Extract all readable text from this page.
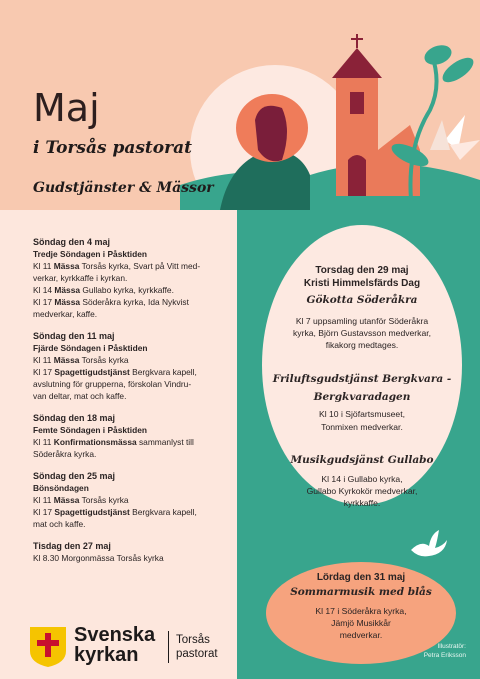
Maj
i Torsås pastorat
Gudstjänster & Mässor
Söndag den 4 maj
Tredje Söndagen i Påsktiden
Kl 11 Mässa Torsås kyrka, Svart på Vitt med-
verkar, kyrkkaffe i kyrkan.
Kl 14 Mässa Gullabo kyrka, kyrkkaffe.
Kl 17 Mässa Söderåkra kyrka, Ida Nykvist
medverkar, kaffe.
Söndag den 11 maj
Fjärde Söndagen i Påsktiden
Kl 11 Mässa Torsås kyrka
Kl 17 Spagettigudstjänst Bergkvara kapell,
avslutning för grupperna, förskolan Vindru-
van deltar, mat och kaffe.
Söndag den 18 maj
Femte Söndagen i Påsktiden
Kl 11 Konfirmationsmässa sammanlyst till
Söderåkra kyrka.
Söndag den 25 maj
Bönsöndagen
Kl 11 Mässa Torsås kyrka
Kl 17 Spagettigudstjänst Bergkvara kapell,
mat och kaffe.
Tisdag den 27 maj
Kl 8.30 Morgonmässa Torsås kyrka
Torsdag den 29 maj
Kristi Himmelsfärds Dag
Gökotta Söderåkra
Kl 7 uppsamling utanför Söderåkra
kyrka, Björn Gustavsson medverkar,
fikakorg medtages.
Friluftsgudstjänst Bergkvara -
Bergkvaradagen
Kl 10 i Sjöfartsmuseet,
Tonmixen medverkar.
Musikgudsjänst Gullabo
Kl 14 i Gullabo kyrka,
Gullabo Kyrkokör medverkar,
kyrkkaffe.
Lördag den 31 maj
Sommarmusik med blås
Kl 17 i Söderåkra kyrka,
Jämjö Musikkår
medverkar.
Svenska
kyrkan
Torsås
pastorat
Illustratör:
Petra Eriksson
